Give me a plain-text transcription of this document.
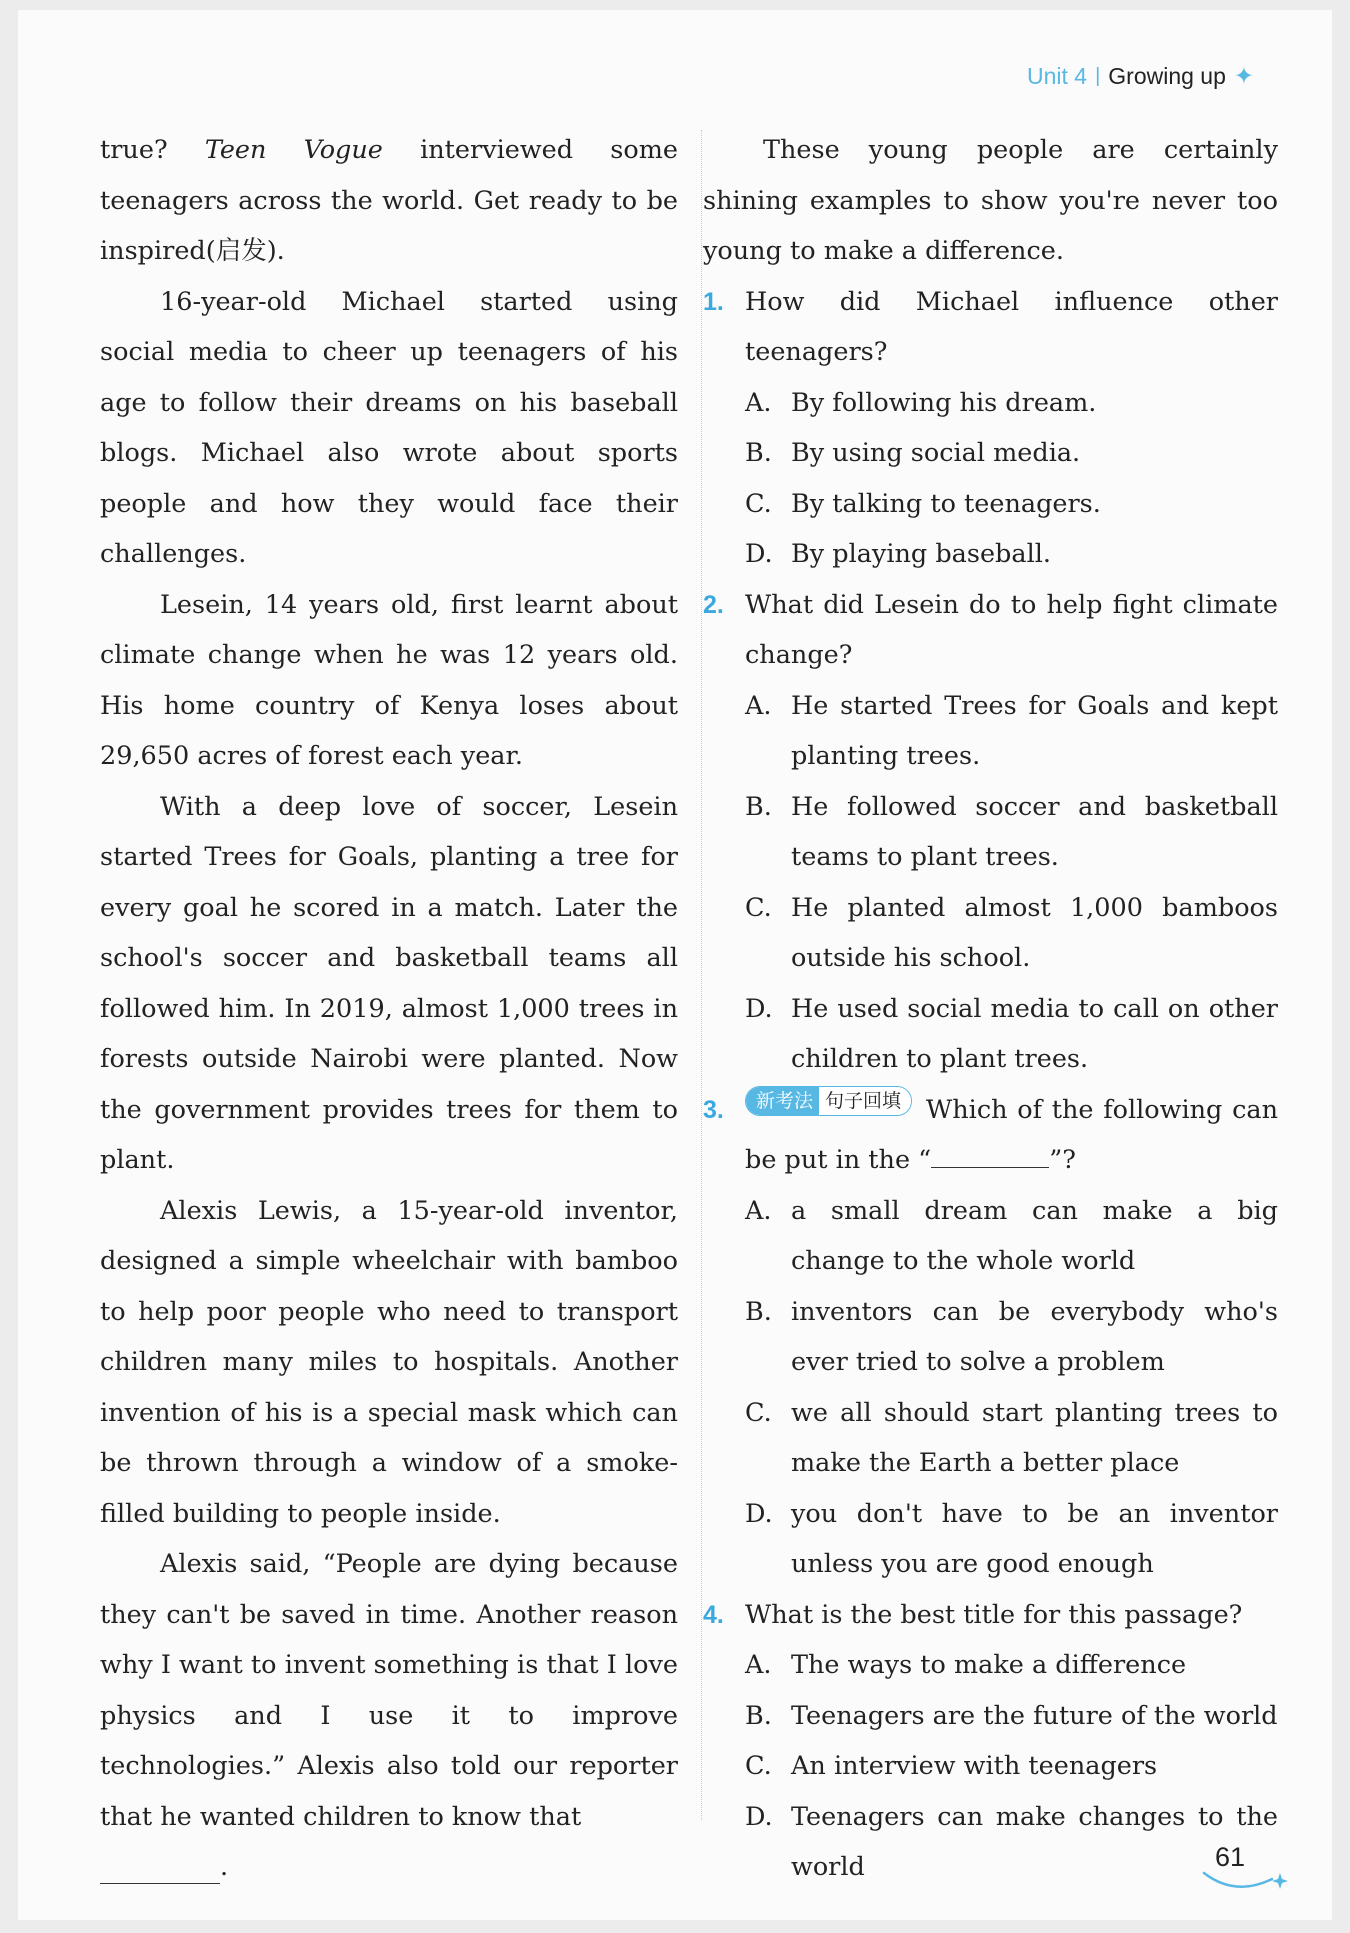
Unit 4 | Growing up ✦

true? Teen Vogue interviewed some teenagers across the world. Get ready to be inspired(启发).

16-year-old Michael started using social media to cheer up teenagers of his age to follow their dreams on his baseball blogs. Michael also wrote about sports people and how they would face their challenges.

Lesein, 14 years old, first learnt about climate change when he was 12 years old. His home country of Kenya loses about 29,650 acres of forest each year.

With a deep love of soccer, Lesein started Trees for Goals, planting a tree for every goal he scored in a match. Later the school's soccer and basketball teams all followed him. In 2019, almost 1,000 trees in forests outside Nairobi were planted. Now the government provides trees for them to plant.

Alexis Lewis, a 15-year-old inventor, designed a simple wheelchair with bamboo to help poor people who need to transport children many miles to hospitals. Another invention of his is a special mask which can be thrown through a window of a smoke-filled building to people inside.

Alexis said, “People are dying because they can't be saved in time. Another reason why I want to invent something is that I love physics and I use it to improve technologies.” Alexis also told our reporter that he wanted children to know that

.

These young people are certainly shining examples to show you're never too young to make a difference.

1. How did Michael influence other teenagers?

A. By following his dream.

B. By using social media.

C. By talking to teenagers.

D. By playing baseball.

2. What did Lesein do to help fight climate change?

A. He started Trees for Goals and kept planting trees.

B. He followed soccer and basketball teams to plant trees.

C. He planted almost 1,000 bamboos outside his school.

D. He used social media to call on other children to plant trees.

3.	新考法 句子回填 Which of the following can be put in the “	”?

A. a small dream can make a big change to the whole world

B. inventors can be everybody who's ever tried to solve a problem

C. we all should start planting trees to make the Earth a better place

D. you don't have to be an inventor unless you are good enough

4. What is the best title for this passage?

A. The ways to make a difference

B. Teenagers are the future of the world

C. An interview with teenagers

D. Teenagers can make changes to the world	61
